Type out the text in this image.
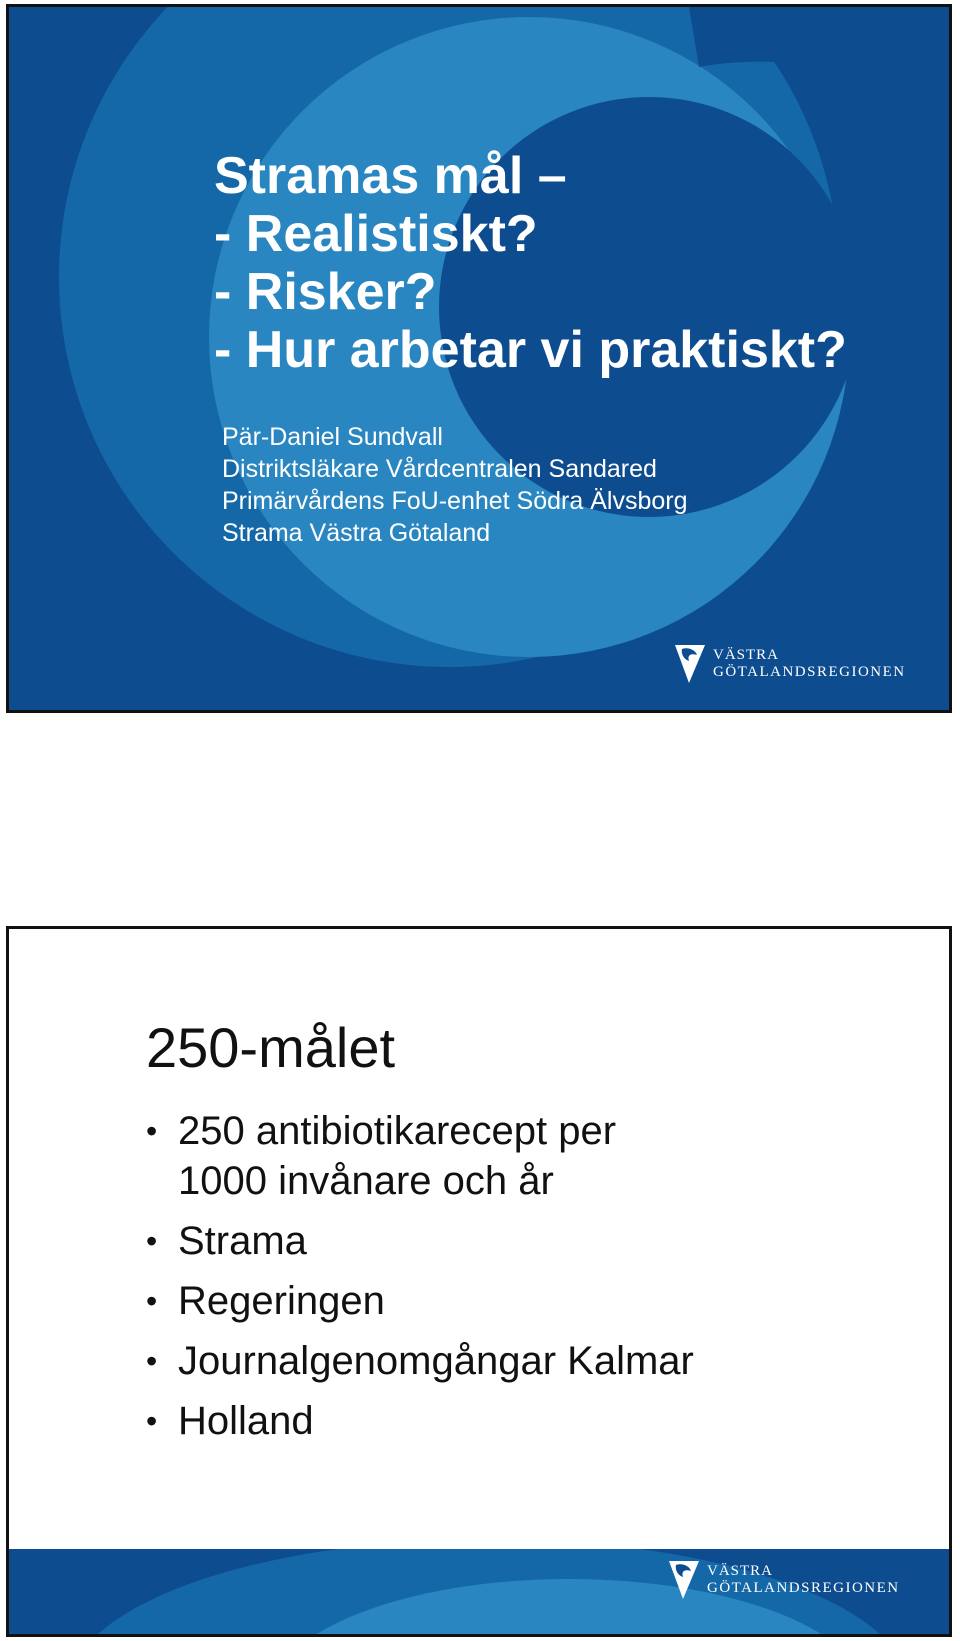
Stramas mål –
- Realistiskt?
- Risker?
- Hur arbetar vi praktiskt?
Pär-Daniel Sundvall
Distriktsläkare Vårdcentralen Sandared
Primärvårdens FoU-enhet Södra Älvsborg
Strama Västra Götaland
VÄSTRA
GÖTALANDSREGIONEN
VÄSTRA
GÖTALANDSREGIONEN
250-målet
• 250 antibiotikarecept per
1000 invånare och år
• Strama
• Regeringen
• Journalgenomgångar Kalmar
• Holland
